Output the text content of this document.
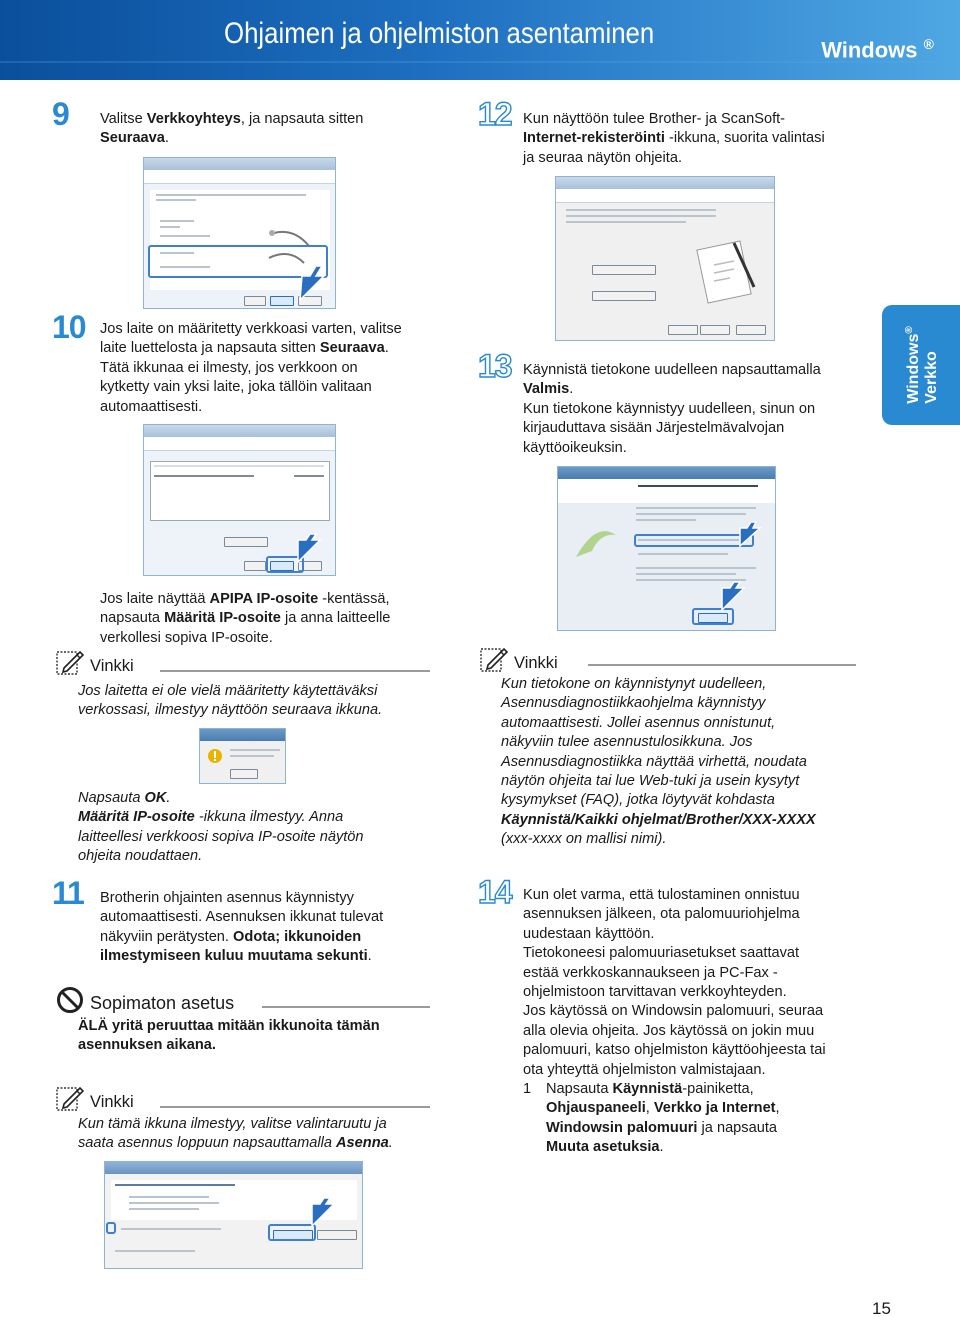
Ohjaimen ja ohjelmiston asentaminen	Windows ®
Windows®
Verkko
9 Valitse Verkkoyhteys, ja napsauta sitten
Seuraava.
10 Jos laite on määritetty verkkoasi varten, valitse
laite luettelosta ja napsauta sitten Seuraava.
Tätä ikkunaa ei ilmesty, jos verkkoon on
kytketty vain yksi laite, joka tällöin valitaan
automaattisesti.
Jos laite näyttää APIPA IP-osoite -kentässä,
napsauta Määritä IP-osoite ja anna laitteelle
verkollesi sopiva IP-osoite.
Vinkki
Jos laitetta ei ole vielä määritetty käytettäväksi
verkossasi, ilmestyy näyttöön seuraava ikkuna.
Napsauta OK.
Määritä IP-osoite -ikkuna ilmestyy. Anna
laitteellesi verkkoosi sopiva IP-osoite näytön
ohjeita noudattaen.
11 Brotherin ohjainten asennus käynnistyy
automaattisesti. Asennuksen ikkunat tulevat
näkyviin perätysten. Odota; ikkunoiden
ilmestymiseen kuluu muutama sekunti.
Sopimaton asetus
ÄLÄ yritä peruuttaa mitään ikkunoita tämän
asennuksen aikana.
Vinkki
Kun tämä ikkuna ilmestyy, valitse valintaruutu ja
saata asennus loppuun napsauttamalla Asenna.
12 Kun näyttöön tulee Brother- ja ScanSoft-
Internet-rekisteröinti -ikkuna, suorita valintasi
ja seuraa näytön ohjeita.
13 Käynnistä tietokone uudelleen napsauttamalla
Valmis.
Kun tietokone käynnistyy uudelleen, sinun on
kirjauduttava sisään Järjestelmävalvojan
käyttöoikeuksin.
Vinkki
Kun tietokone on käynnistynyt uudelleen,
Asennusdiagnostiikkaohjelma käynnistyy
automaattisesti. Jollei asennus onnistunut,
näkyviin tulee asennustulosikkuna. Jos
Asennusdiagnostiikka näyttää virhettä, noudata
näytön ohjeita tai lue Web-tuki ja usein kysytyt
kysymykset (FAQ), jotka löytyvät kohdasta
Käynnistä/Kaikki ohjelmat/Brother/XXX-XXXX
(xxx-xxxx on mallisi nimi).
14 Kun olet varma, että tulostaminen onnistuu
asennuksen jälkeen, ota palomuuriohjelma
uudestaan käyttöön.
Tietokoneesi palomuuriasetukset saattavat
estää verkkoskannaukseen ja PC-Fax -
ohjelmistoon tarvittavan verkkoyhteyden.
Jos käytössä on Windowsin palomuuri, seuraa
alla olevia ohjeita. Jos käytössä on jokin muu
palomuuri, katso ohjelmiston käyttöohjeesta tai
ota yhteyttä ohjelmiston valmistajaan.
1 Napsauta Käynnistä-painiketta,
Ohjauspaneeli, Verkko ja Internet,
Windowsin palomuuri ja napsauta
Muuta asetuksia.
15
